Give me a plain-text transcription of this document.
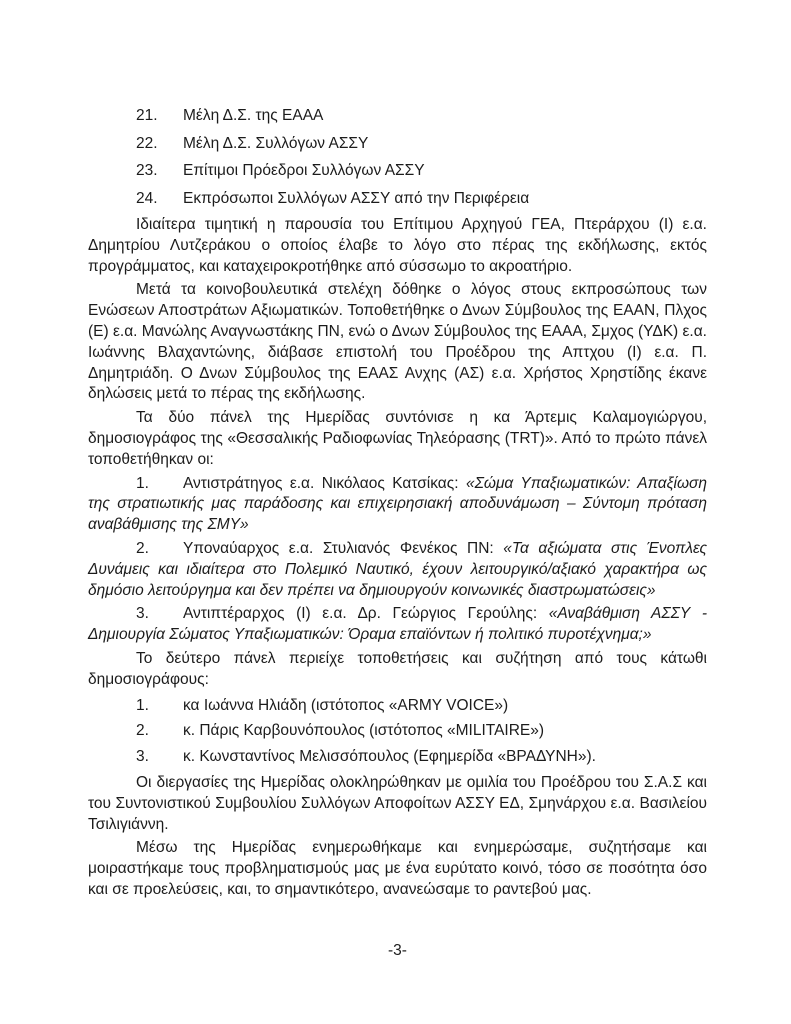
21. Μέλη Δ.Σ. της ΕΑΑΑ

22. Μέλη Δ.Σ. Συλλόγων ΑΣΣΥ

23. Επίτιμοι Πρόεδροι Συλλόγων ΑΣΣΥ

24. Εκπρόσωποι Συλλόγων ΑΣΣΥ από την Περιφέρεια

Ιδιαίτερα τιμητική η παρουσία του Επίτιμου Αρχηγού ΓΕΑ, Πτεράρχου (Ι) ε.α. Δημητρίου Λυτζεράκου ο οποίος έλαβε το λόγο στο πέρας της εκδήλωσης, εκτός προγράμματος, και καταχειροκροτήθηκε από σύσσωμο το ακροατήριο.

Μετά τα κοινοβουλευτικά στελέχη δόθηκε ο λόγος στους εκπροσώπους των Ενώσεων Αποστράτων Αξιωματικών. Τοποθετήθηκε ο Δνων Σύμβουλος της ΕΑΑΝ, Πλχος (Ε) ε.α. Μανώλης Αναγνωστάκης ΠΝ, ενώ ο Δνων Σύμβουλος της ΕΑΑΑ, Σμχος (ΥΔΚ) ε.α. Ιωάννης Βλαχαντώνης, διάβασε επιστολή του Προέδρου της Απτχου (Ι) ε.α. Π. Δημητριάδη. Ο Δνων Σύμβουλος της ΕΑΑΣ Ανχης (ΑΣ) ε.α. Χρήστος Χρηστίδης έκανε δηλώσεις μετά το πέρας της εκδήλωσης.

Τα δύο πάνελ της Ημερίδας συντόνισε η κα Άρτεμις Καλαμογιώργου, δημοσιογράφος της «Θεσσαλικής Ραδιοφωνίας Τηλεόρασης (TRT)». Από το πρώτο πάνελ τοποθετήθηκαν οι:

1. Αντιστράτηγος ε.α. Νικόλαος Κατσίκας: «Σώμα Υπαξιωματικών: Απαξίωση της στρατιωτικής μας παράδοσης και επιχειρησιακή αποδυνάμωση – Σύντομη πρόταση αναβάθμισης της ΣΜΥ»

2. Υποναύαρχος ε.α. Στυλιανός Φενέκος ΠΝ: «Τα αξιώματα στις Ένοπλες Δυνάμεις και ιδιαίτερα στο Πολεμικό Ναυτικό, έχουν λειτουργικό/αξιακό χαρακτήρα ως δημόσιο λειτούργημα και δεν πρέπει να δημιουργούν κοινωνικές διαστρωματώσεις»

3. Αντιπτέραρχος (Ι) ε.α. Δρ. Γεώργιος Γερούλης: «Αναβάθμιση ΑΣΣΥ - Δημιουργία Σώματος Υπαξιωματικών: Όραμα επαϊόντων ή πολιτικό πυροτέχνημα;»

Το δεύτερο πάνελ περιείχε τοποθετήσεις και συζήτηση από τους κάτωθι δημοσιογράφους:

1. κα Ιωάννα Ηλιάδη (ιστότοπος «ARMY VOICE»)

2. κ. Πάρις Καρβουνόπουλος (ιστότοπος «MILITAIRE»)

3. κ. Κωνσταντίνος Μελισσόπουλος (Εφημερίδα «ΒΡΑΔΥΝΗ»).

Οι διεργασίες της Ημερίδας ολοκληρώθηκαν με ομιλία του Προέδρου του Σ.Α.Σ και του Συντονιστικού Συμβουλίου Συλλόγων Αποφοίτων ΑΣΣΥ ΕΔ, Σμηνάρχου ε.α. Βασιλείου Τσιλιγιάννη.

Μέσω της Ημερίδας ενημερωθήκαμε και ενημερώσαμε, συζητήσαμε και μοιραστήκαμε τους προβληματισμούς μας με ένα ευρύτατο κοινό, τόσο σε ποσότητα όσο και σε προελεύσεις, και, το σημαντικότερο, ανανεώσαμε το ραντεβού μας.

-3-
